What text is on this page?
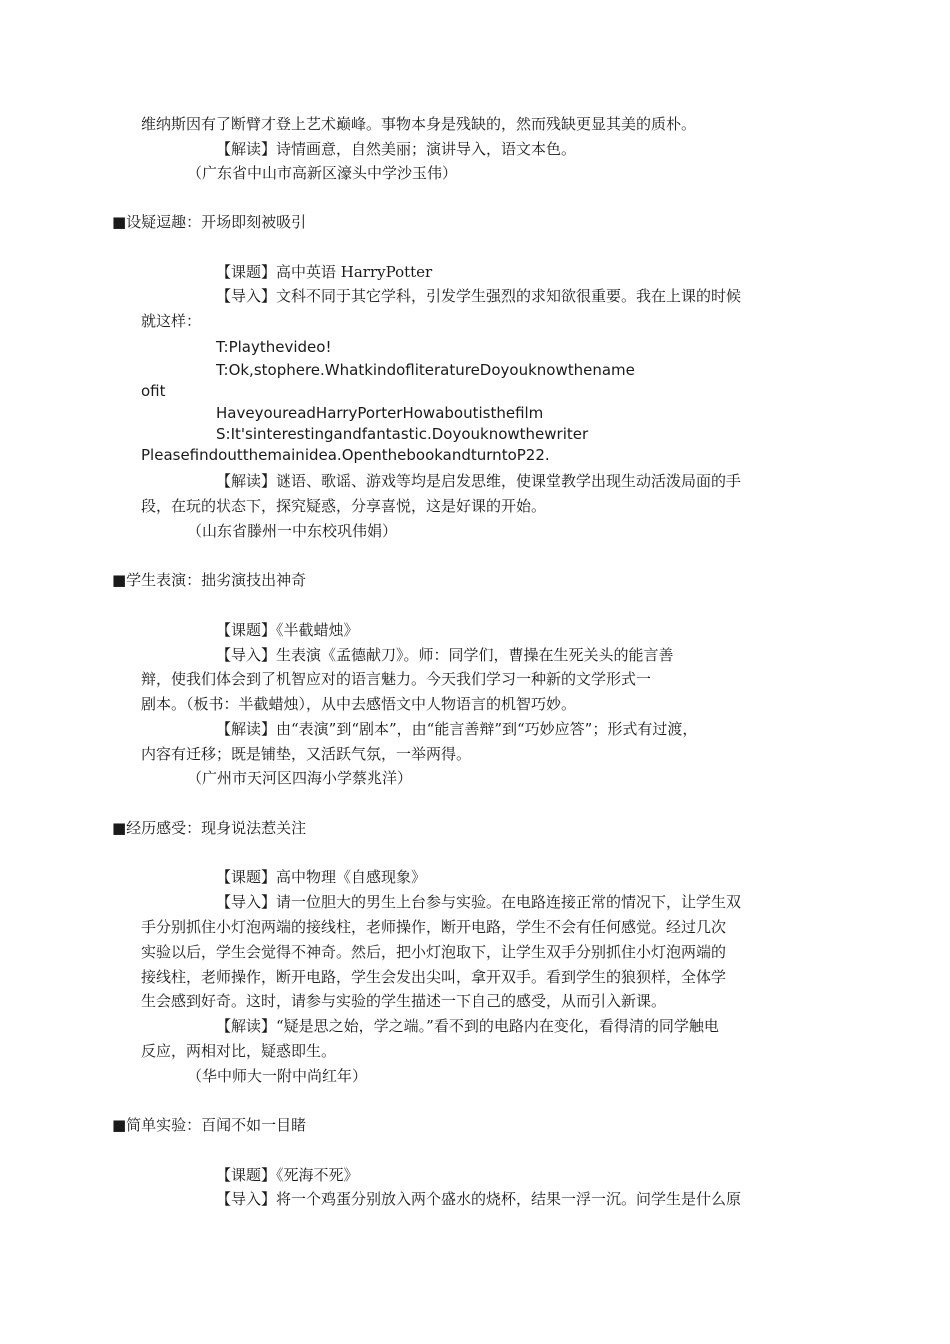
维纳斯因有了断臂才登上艺术巅峰。事物本身是残缺的，然而残缺更显其美的质朴。
【解读】诗情画意，自然美丽；演讲导入，语文本色。
（广东省中山市高新区濠头中学沙玉伟）
■设疑逗趣：开场即刻被吸引
【课题】高中英语 HarryPotter
【导入】文科不同于其它学科，引发学生强烈的求知欲很重要。我在上课的时候
就这样：
T:Playthevideo!
T:Ok,stophere.WhatkindofliteratureDoyouknowthename
ofit
HaveyoureadHarryPorterHowaboutisthefilm
S:It'sinterestingandfantastic.Doyouknowthewriter
Pleasefindoutthemainidea.OpenthebookandturntoP22.
【解读】谜语、歌谣、游戏等均是启发思维，使课堂教学出现生动活泼局面的手
段，在玩的状态下，探究疑惑，分享喜悦，这是好课的开始。
（山东省滕州一中东校巩伟娟）
■学生表演：拙劣演技出神奇
【课题】《半截蜡烛》
【导入】生表演《孟德献刀》。师：同学们，曹操在生死关头的能言善
辩，使我们体会到了机智应对的语言魅力。今天我们学习一种新的文学形式一
剧本。（板书：半截蜡烛），从中去感悟文中人物语言的机智巧妙。
【解读】由“表演”到“剧本”，由“能言善辩”到“巧妙应答”；形式有过渡，
内容有迁移；既是铺垫，又活跃气氛，一举两得。
（广州市天河区四海小学蔡兆洋）
■经历感受：现身说法惹关注
【课题】高中物理《自感现象》
【导入】请一位胆大的男生上台参与实验。在电路连接正常的情况下，让学生双
手分别抓住小灯泡两端的接线柱，老师操作，断开电路，学生不会有任何感觉。经过几次
实验以后，学生会觉得不神奇。然后，把小灯泡取下，让学生双手分别抓住小灯泡两端的
接线柱，老师操作，断开电路，学生会发出尖叫，拿开双手。看到学生的狼狈样，全体学
生会感到好奇。这时，请参与实验的学生描述一下自己的感受，从而引入新课。
【解读】“疑是思之始，学之端。”看不到的电路内在变化，看得清的同学触电
反应，两相对比，疑惑即生。
（华中师大一附中尚红年）
■简单实验：百闻不如一目睹
【课题】《死海不死》
【导入】将一个鸡蛋分别放入两个盛水的烧杯，结果一浮一沉。问学生是什么原
